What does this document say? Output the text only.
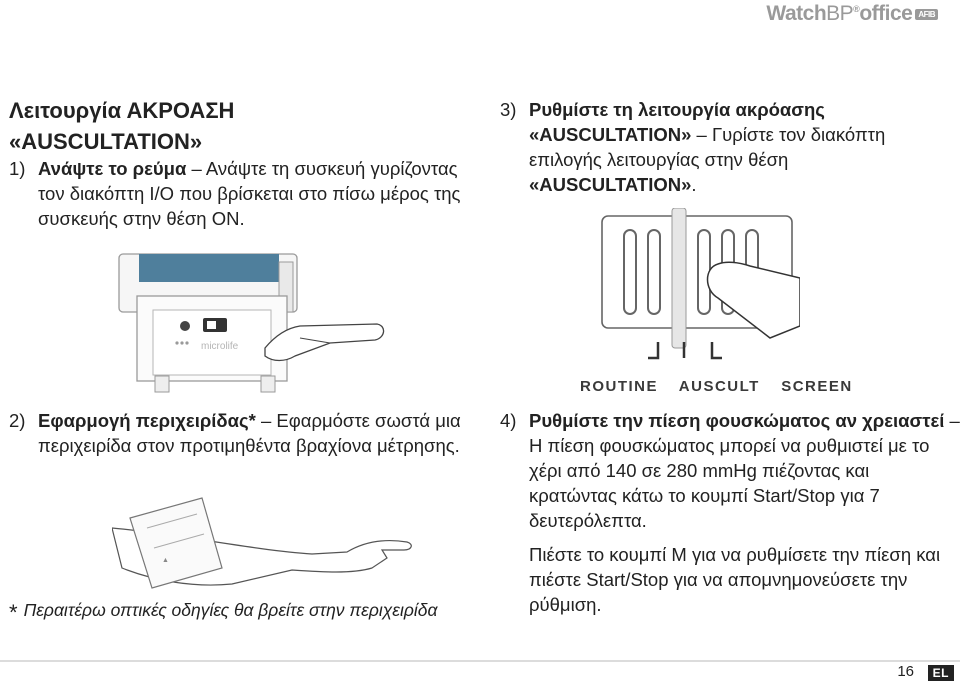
WatchBP®office AFIB
Λειτουργία ΑΚΡΟΑΣΗ
«AUSCULTATION»
1) Ανάψτε το ρεύμα – Ανάψτε τη συσκευή γυρίζοντας τον διακόπτη I/O που βρίσκεται στο πίσω μέρος της συσκευής στην θέση ON.
microlife
2) Εφαρμογή περιχειρίδας* – Εφαρμόστε σωστά μια περιχειρίδα στον προτιμηθέντα βραχίονα μέτρησης.
▲
* Περαιτέρω οπτικές οδηγίες θα βρείτε στην περιχειρίδα
3) Ρυθμίστε τη λειτουργία ακρόασης «AUSCULTATION» – Γυρίστε τον διακόπτη επιλογής λειτουργίας στην θέση «AUSCULTATION».
ROUTINE AUSCULT SCREEN
4) Ρυθμίστε την πίεση φουσκώματος αν χρειαστεί – Η πίεση φουσκώματος μπορεί να ρυθμιστεί με το χέρι από 140 σε 280 mmHg πιέζοντας και κρατώντας κάτω το κουμπί Start/Stop για 7 δευτερόλεπτα.
Πιέστε το κουμπί M για να ρυθμίσετε την πίεση και πιέστε Start/Stop για να απομνημονεύσετε την ρύθμιση.
16	EL
